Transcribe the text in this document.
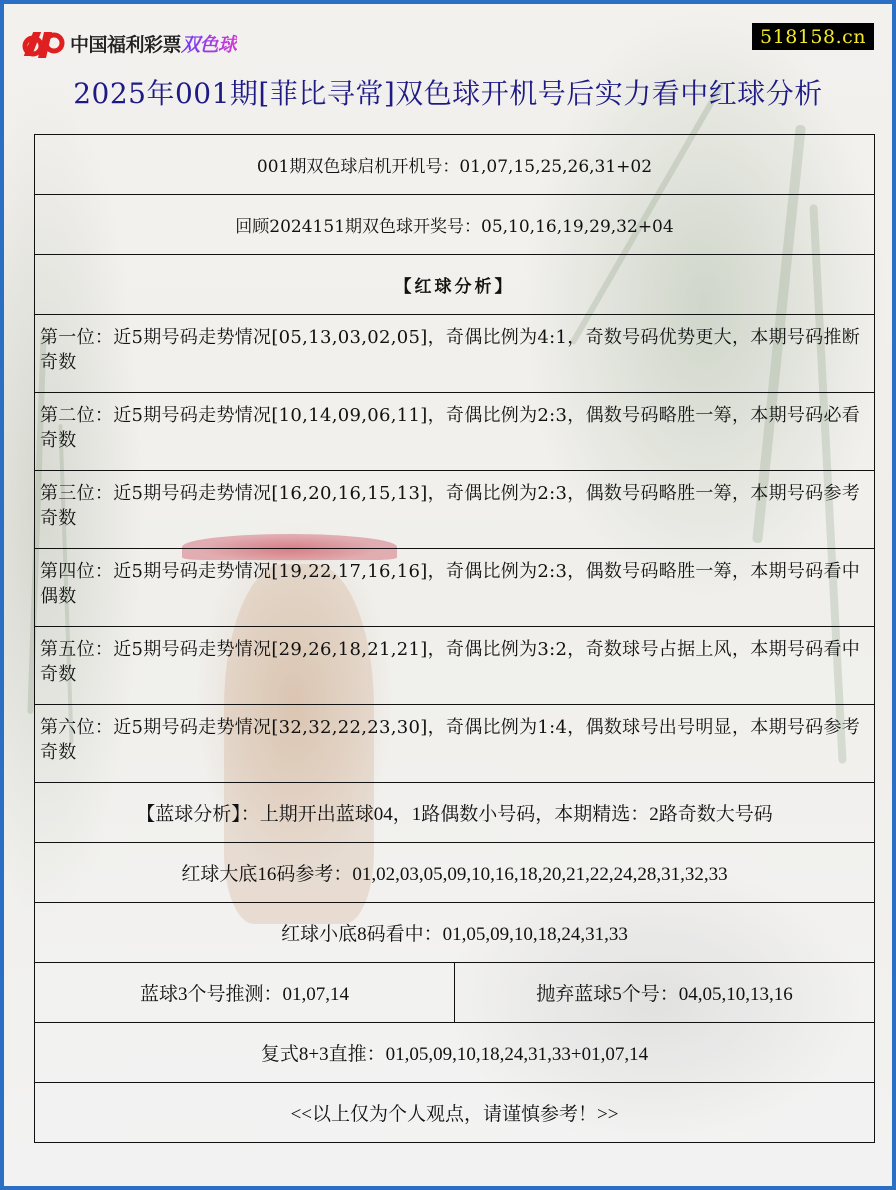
中国福利彩票双色球	518158.cn
2025年001期[菲比寻常]双色球开机号后实力看中红球分析
001期双色球启机开机号：01,07,15,25,26,31+02
回顾2024151期双色球开奖号：05,10,16,19,29,32+04
【红球分析】
第一位：近5期号码走势情况[05,13,03,02,05]，奇偶比例为4:1，奇数号码优势更大，本期号码推断奇数
第二位：近5期号码走势情况[10,14,09,06,11]，奇偶比例为2:3，偶数号码略胜一筹，本期号码必看奇数
第三位：近5期号码走势情况[16,20,16,15,13]，奇偶比例为2:3，偶数号码略胜一筹，本期号码参考奇数
第四位：近5期号码走势情况[19,22,17,16,16]，奇偶比例为2:3，偶数号码略胜一筹，本期号码看中偶数
第五位：近5期号码走势情况[29,26,18,21,21]，奇偶比例为3:2，奇数球号占据上风，本期号码看中奇数
第六位：近5期号码走势情况[32,32,22,23,30]，奇偶比例为1:4，偶数球号出号明显，本期号码参考奇数
【蓝球分析】：上期开出蓝球04，1路偶数小号码，本期精选：2路奇数大号码
红球大底16码参考：01,02,03,05,09,10,16,18,20,21,22,24,28,31,32,33
红球小底8码看中：01,05,09,10,18,24,31,33
蓝球3个号推测：01,07,14	抛弃蓝球5个号：04,05,10,13,16
复式8+3直推：01,05,09,10,18,24,31,33+01,07,14
<<以上仅为个人观点，请谨慎参考！>>
